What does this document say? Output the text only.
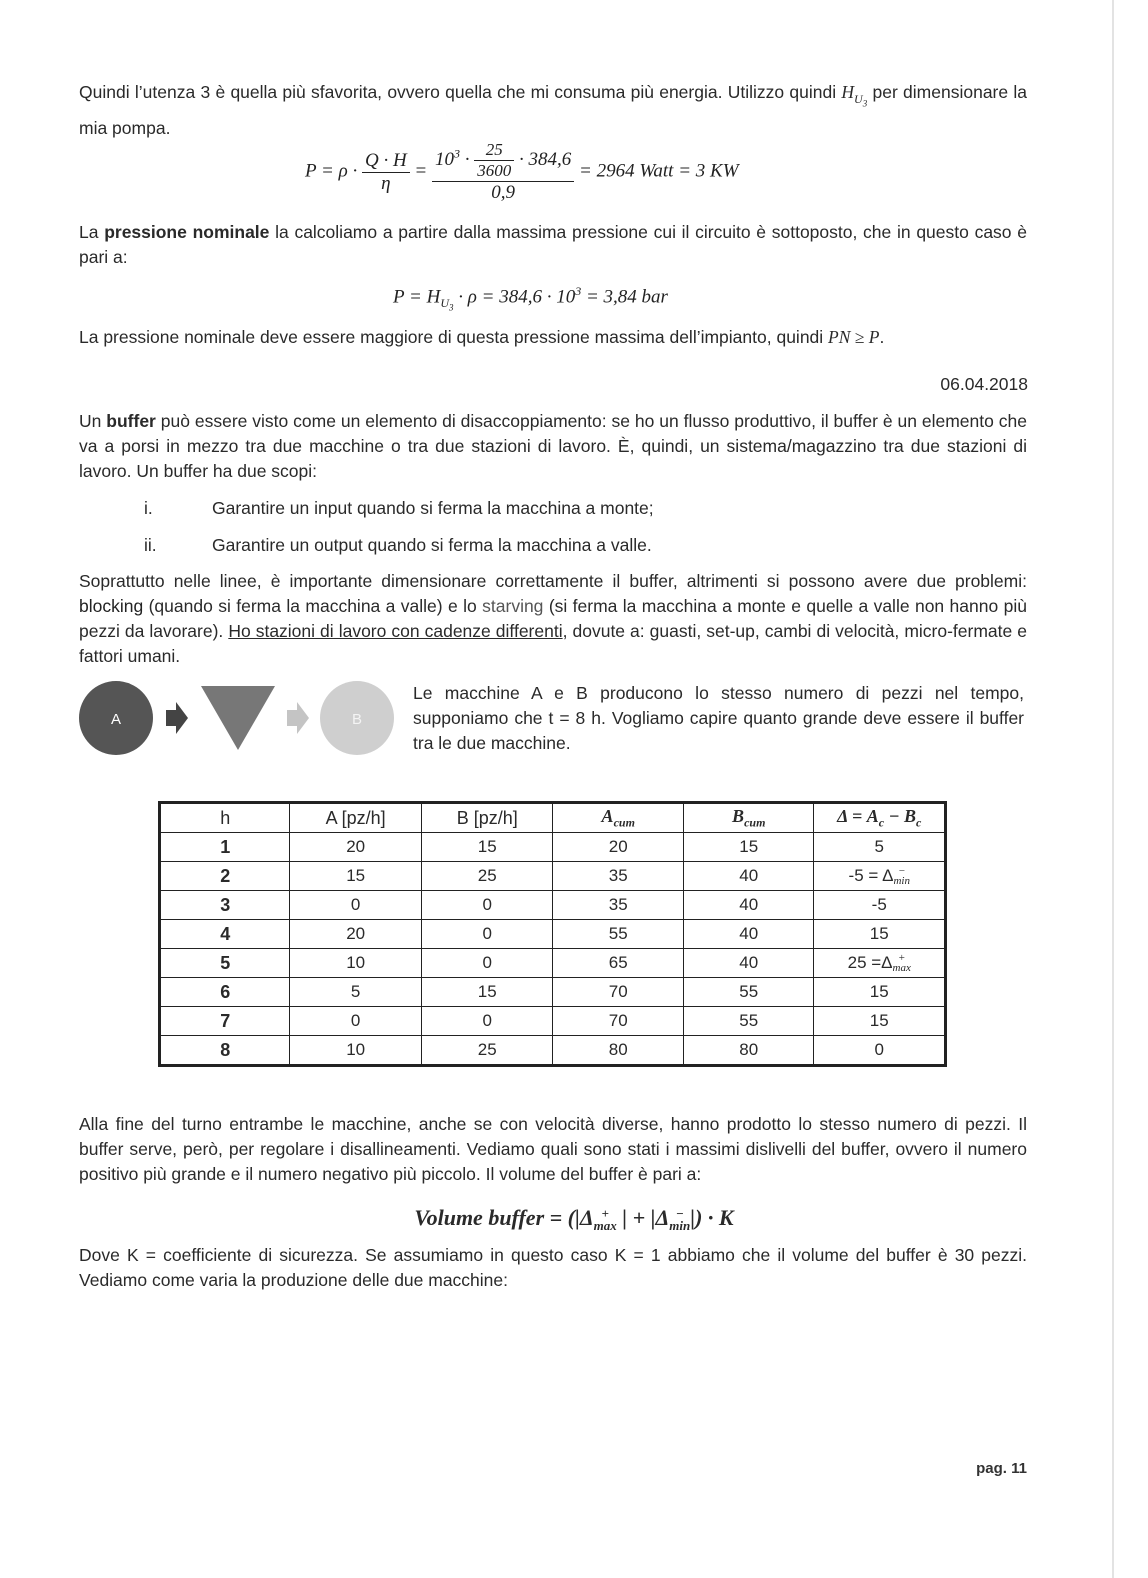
Quindi l’utenza 3 è quella più sfavorita, ovvero quella che mi consuma più energia. Utilizzo quindi $H_{U_3}$ per dimensionare la mia pompa.
$P = \rho \cdot \frac{Q \cdot H}{\eta} = \frac{10^3 \cdot \frac{25}{3600} \cdot 384,6}{0,9} = 2964$ Watt = 3 KW
La pressione nominale la calcoliamo a partire dalla massima pressione cui il circuito è sottoposto, che in questo caso è pari a:
$P = H_{U_3} \cdot \rho = 384,6 \cdot 10^3 = 3,84$ bar
La pressione nominale deve essere maggiore di questa pressione massima dell’impianto, quindi PN ≥ P.
06.04.2018
Un buffer può essere visto come un elemento di disaccoppiamento: se ho un flusso produttivo, il buffer è un elemento che va a porsi in mezzo tra due macchine o tra due stazioni di lavoro. È, quindi, un sistema/magazzino tra due stazioni di lavoro. Un buffer ha due scopi:
i.	Garantire un input quando si ferma la macchina a monte;
ii.	Garantire un output quando si ferma la macchina a valle.
Soprattutto nelle linee, è importante dimensionare correttamente il buffer, altrimenti si possono avere due problemi: blocking (quando si ferma la macchina a valle) e lo starving (si ferma la macchina a monte e quelle a valle non hanno più pezzi da lavorare). Ho stazioni di lavoro con cadenze differenti, dovute a: guasti, set-up, cambi di velocità, micro-fermate e fattori umani.
A	B
Le macchine A e B producono lo stesso numero di pezzi nel tempo, supponiamo che t = 8 h. Vogliamo capire quanto grande deve essere il buffer tra le due macchine.
h	A [pz/h]	B [pz/h]	$A_{cum}$	$B_{cum}$	$\Delta = A_c - B_c$
1	20	15	20	15	5
2	15	25	35	40	-5 = Δ −
min

3	0	0	35	40	-5
4	20	0	55	40	15
5	10	0	65	40	25 =Δ +
max

6	5	15	70	55	15
7	0	0	70	55	15
8	10	25	80	80	0
Alla fine del turno entrambe le macchine, anche se con velocità diverse, hanno prodotto lo stesso numero di pezzi. Il buffer serve, però, per regolare i disallineamenti. Vediamo quali sono stati i massimi dislivelli del buffer, ovvero il numero positivo più grande e il numero negativo più piccolo. Il volume del buffer è pari a:
Volume buffer = (|Δ +
max | + |Δ −
min |) · K
Dove K = coefficiente di sicurezza. Se assumiamo in questo caso K = 1 abbiamo che il volume del buffer è 30 pezzi. Vediamo come varia la produzione delle due macchine:
pag. 11
